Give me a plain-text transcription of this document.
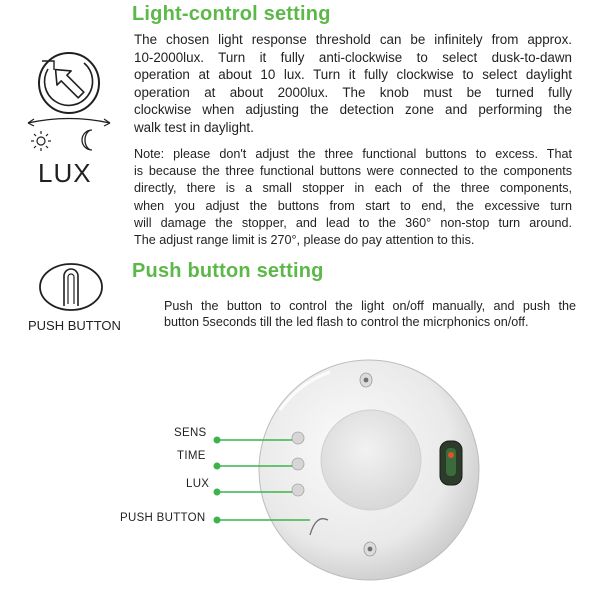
Light-control setting
LUX
The chosen light response threshold can be infinitely from approx.
10-2000lux. Turn it fully anti-clockwise to select dusk-to-dawn
operation at about 10 lux. Turn it fully clockwise to select daylight
operation at about 2000lux. The knob must be turned fully
clockwise when adjusting the detection zone and performing the
walk test in daylight.
Note: please don't adjust the three functional buttons to excess. That
is because the three functional buttons were connected to the components
directly, there is a small stopper in each of the three components,
when you adjust the buttons from start to end, the excessive turn
will damage the stopper, and lead to the 360° non-stop turn around.
The adjust range limit is 270°, please do pay attention to this.
Push button setting
PUSH BUTTON
Push the button to control the light on/off manually, and push the
button 5seconds till the led flash to control the micrphonics on/off.
SENS
TIME
LUX
PUSH BUTTON
